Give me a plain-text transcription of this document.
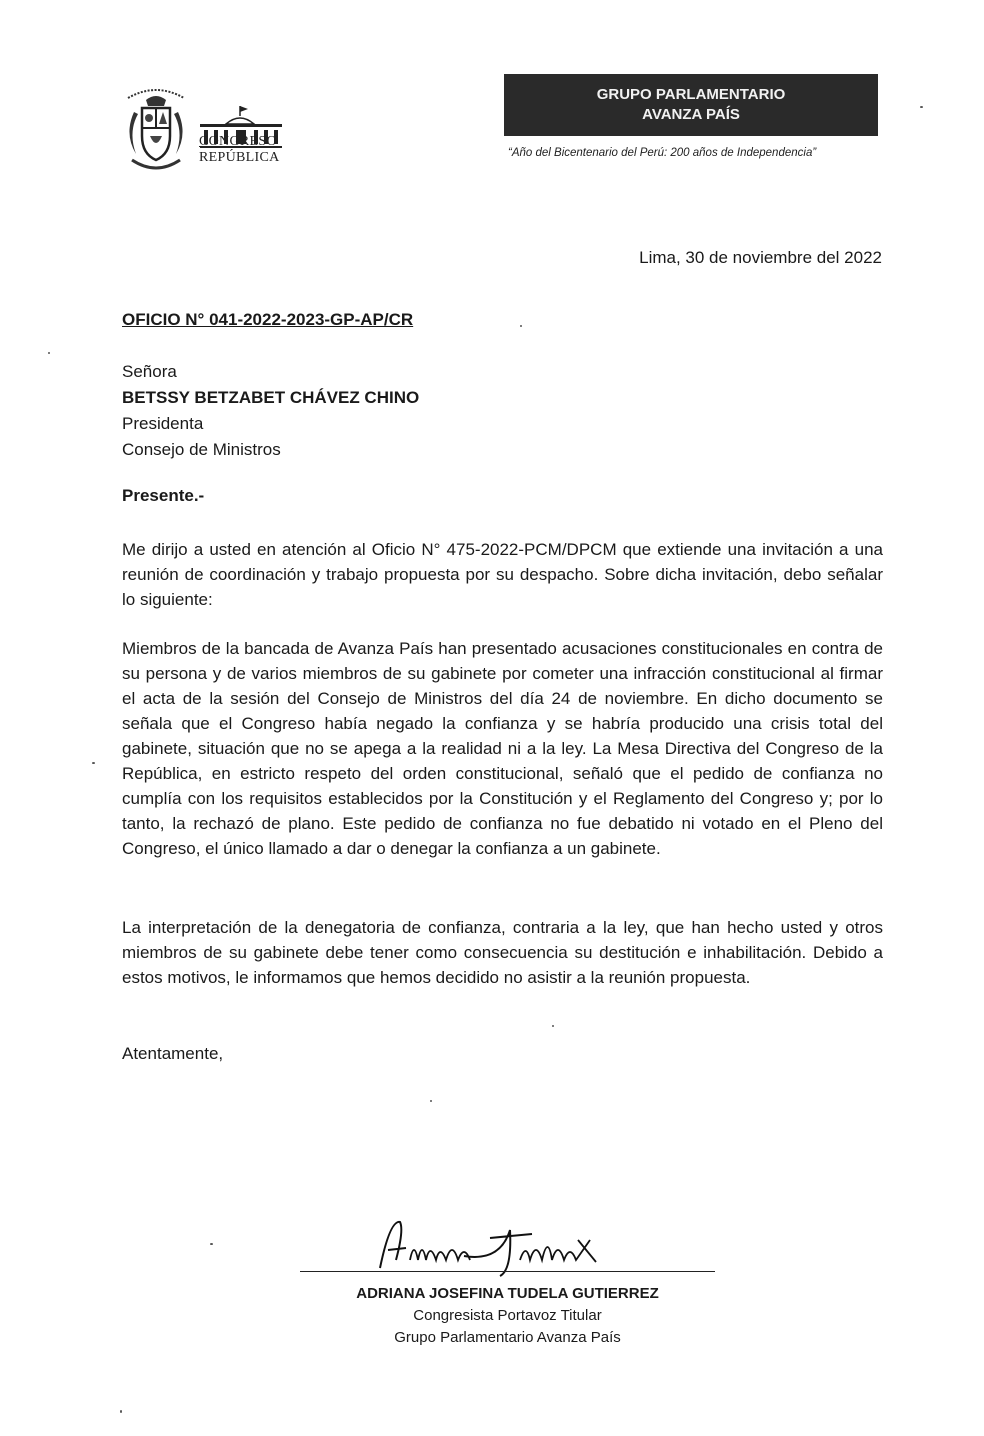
CONGRESO
REPÚBLICA
GRUPO PARLAMENTARIO
AVANZA PAÍS
“Año del Bicentenario del Perú: 200 años de Independencia”
Lima, 30 de noviembre del 2022
OFICIO N° 041-2022-2023-GP-AP/CR
Señora
BETSSY BETZABET CHÁVEZ CHINO
Presidenta
Consejo de Ministros
Presente.-

Me dirijo a usted en atención al Oficio N° 475-2022-PCM/DPCM que extiende una invitación a una reunión de coordinación y trabajo propuesta por su despacho. Sobre dicha invitación, debo señalar lo siguiente:

Miembros de la bancada de Avanza País han presentado acusaciones constitucionales en contra de su persona y de varios miembros de su gabinete por cometer una infracción constitucional al firmar el acta de la sesión del Consejo de Ministros del día 24 de noviembre. En dicho documento se señala que el Congreso había negado la confianza y se habría producido una crisis total del gabinete, situación que no se apega a la realidad ni a la ley. La Mesa Directiva del Congreso de la República, en estricto respeto del orden constitucional, señaló que el pedido de confianza no cumplía con los requisitos establecidos por la Constitución y el Reglamento del Congreso y; por lo tanto, la rechazó de plano. Este pedido de confianza no fue debatido ni votado en el Pleno del Congreso, el único llamado a dar o denegar la confianza a un gabinete.

La interpretación de la denegatoria de confianza, contraria a la ley, que han hecho usted y otros miembros de su gabinete debe tener como consecuencia su destitución e inhabilitación. Debido a estos motivos, le informamos que hemos decidido no asistir a la reunión propuesta.

Atentamente,
ADRIANA JOSEFINA TUDELA GUTIERREZ
Congresista Portavoz Titular
Grupo Parlamentario Avanza País
